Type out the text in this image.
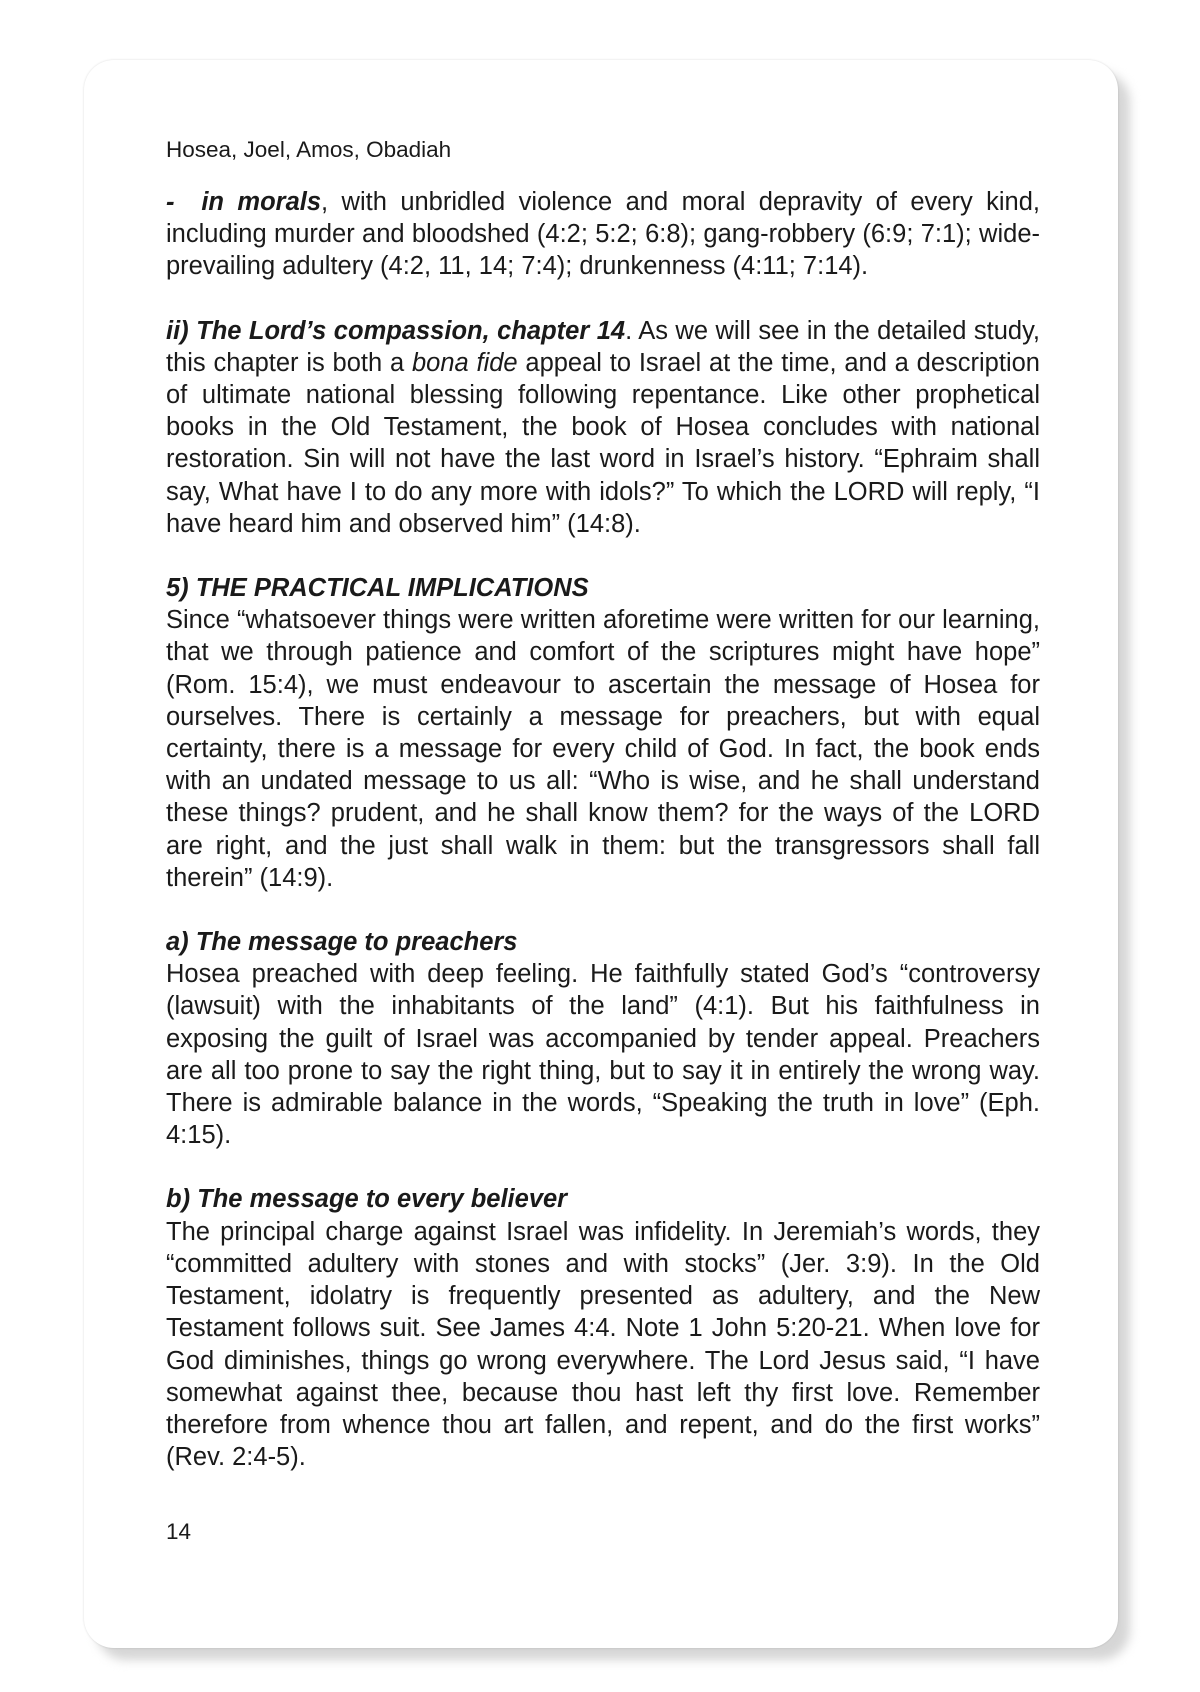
Hosea, Joel, Amos, Obadiah

- in morals, with unbridled violence and moral depravity of every kind, including murder and bloodshed (4:2; 5:2; 6:8); gang-robbery (6:9; 7:1); wide-prevailing adultery (4:2, 11, 14; 7:4); drunkenness (4:11; 7:14).

ii) The Lord’s compassion, chapter 14. As we will see in the detailed study, this chapter is both a bona fide appeal to Israel at the time, and a description of ultimate national blessing following repentance. Like other prophetical books in the Old Testament, the book of Hosea concludes with national restoration. Sin will not have the last word in Israel’s history. “Ephraim shall say, What have I to do any more with idols?” To which the LORD will reply, “I have heard him and observed him” (14:8).

5) THE PRACTICAL IMPLICATIONS
Since “whatsoever things were written aforetime were written for our learning, that we through patience and comfort of the scriptures might have hope” (Rom. 15:4), we must endeavour to ascertain the message of Hosea for ourselves. There is certainly a message for preachers, but with equal certainty, there is a message for every child of God. In fact, the book ends with an undated message to us all: “Who is wise, and he shall understand these things? prudent, and he shall know them? for the ways of the LORD are right, and the just shall walk in them: but the transgressors shall fall therein” (14:9).

a) The message to preachers
Hosea preached with deep feeling. He faithfully stated God’s “controversy (lawsuit) with the inhabitants of the land” (4:1). But his faithfulness in exposing the guilt of Israel was accompanied by tender appeal. Preachers are all too prone to say the right thing, but to say it in entirely the wrong way. There is admirable balance in the words, “Speaking the truth in love” (Eph. 4:15).

b) The message to every believer
The principal charge against Israel was infidelity. In Jeremiah’s words, they “committed adultery with stones and with stocks” (Jer. 3:9). In the Old Testament, idolatry is frequently presented as adultery, and the New Testament follows suit. See James 4:4. Note 1 John 5:20-21. When love for God diminishes, things go wrong everywhere. The Lord Jesus said, “I have somewhat against thee, because thou hast left thy first love. Remember therefore from whence thou art fallen, and repent, and do the first works” (Rev. 2:4-5).

14
